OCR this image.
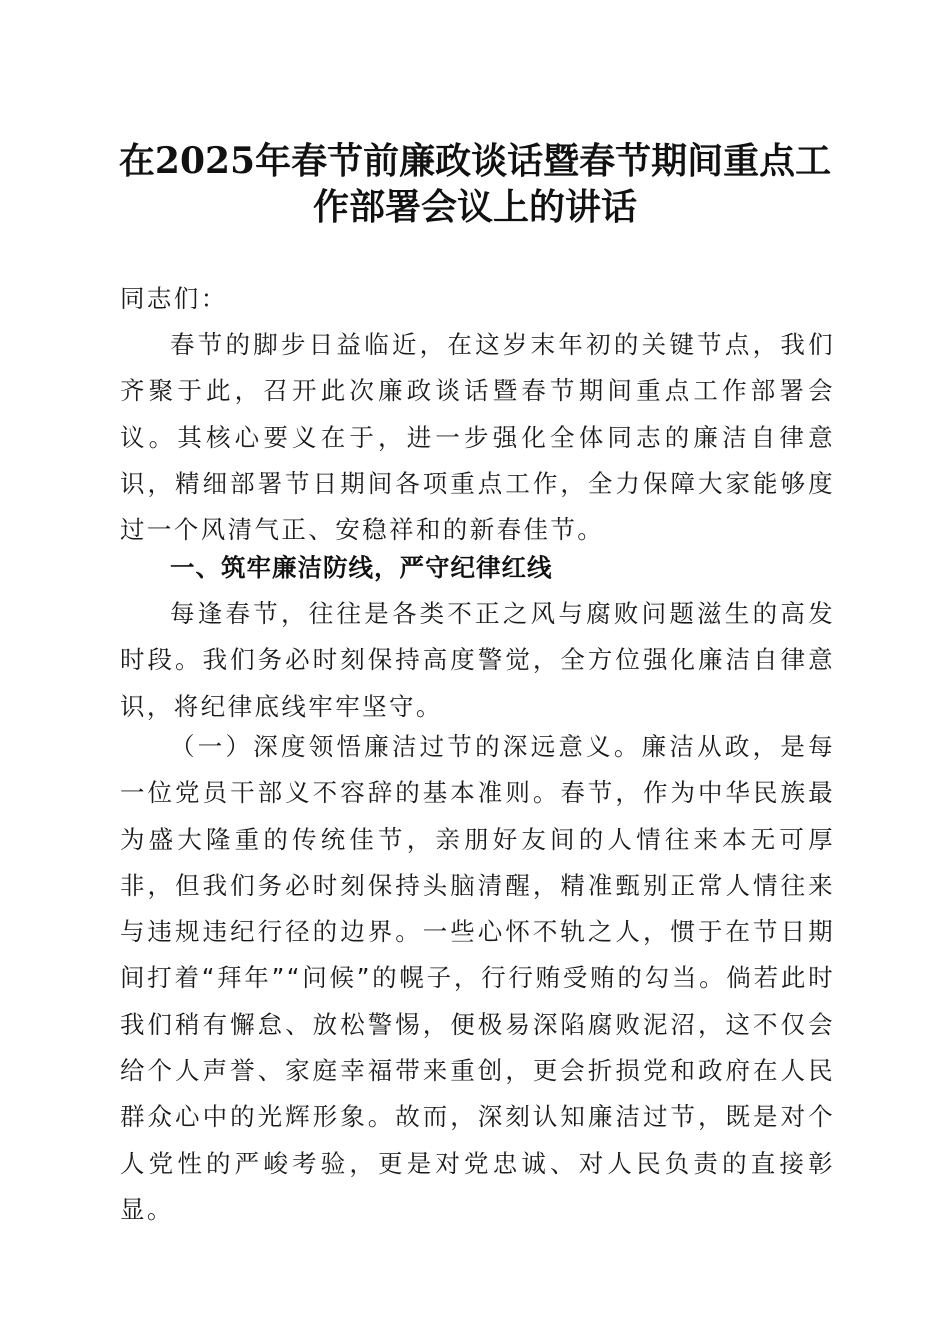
在2025年春节前廉政谈话暨春节期间重点工
作部署会议上的讲话
同志们：
春节的脚步日益临近，在这岁末年初的关键节点，我们齐聚于此，召开此次廉政谈话暨春节期间重点工作部署会议。其核心要义在于，进一步强化全体同志的廉洁自律意识，精细部署节日期间各项重点工作，全力保障大家能够度过一个风清气正、安稳祥和的新春佳节。
一、筑牢廉洁防线，严守纪律红线
每逢春节，往往是各类不正之风与腐败问题滋生的高发时段。我们务必时刻保持高度警觉，全方位强化廉洁自律意识，将纪律底线牢牢坚守。
（一）深度领悟廉洁过节的深远意义。廉洁从政，是每一位党员干部义不容辞的基本准则。春节，作为中华民族最为盛大隆重的传统佳节，亲朋好友间的人情往来本无可厚非，但我们务必时刻保持头脑清醒，精准甄别正常人情往来与违规违纪行径的边界。一些心怀不轨之人，惯于在节日期间打着“拜年”“问候”的幌子，行行贿受贿的勾当。倘若此时我们稍有懈怠、放松警惕，便极易深陷腐败泥沼，这不仅会给个人声誉、家庭幸福带来重创，更会折损党和政府在人民群众心中的光辉形象。故而，深刻认知廉洁过节，既是对个人党性的严峻考验，更是对党忠诚、对人民负责的直接彰显。
